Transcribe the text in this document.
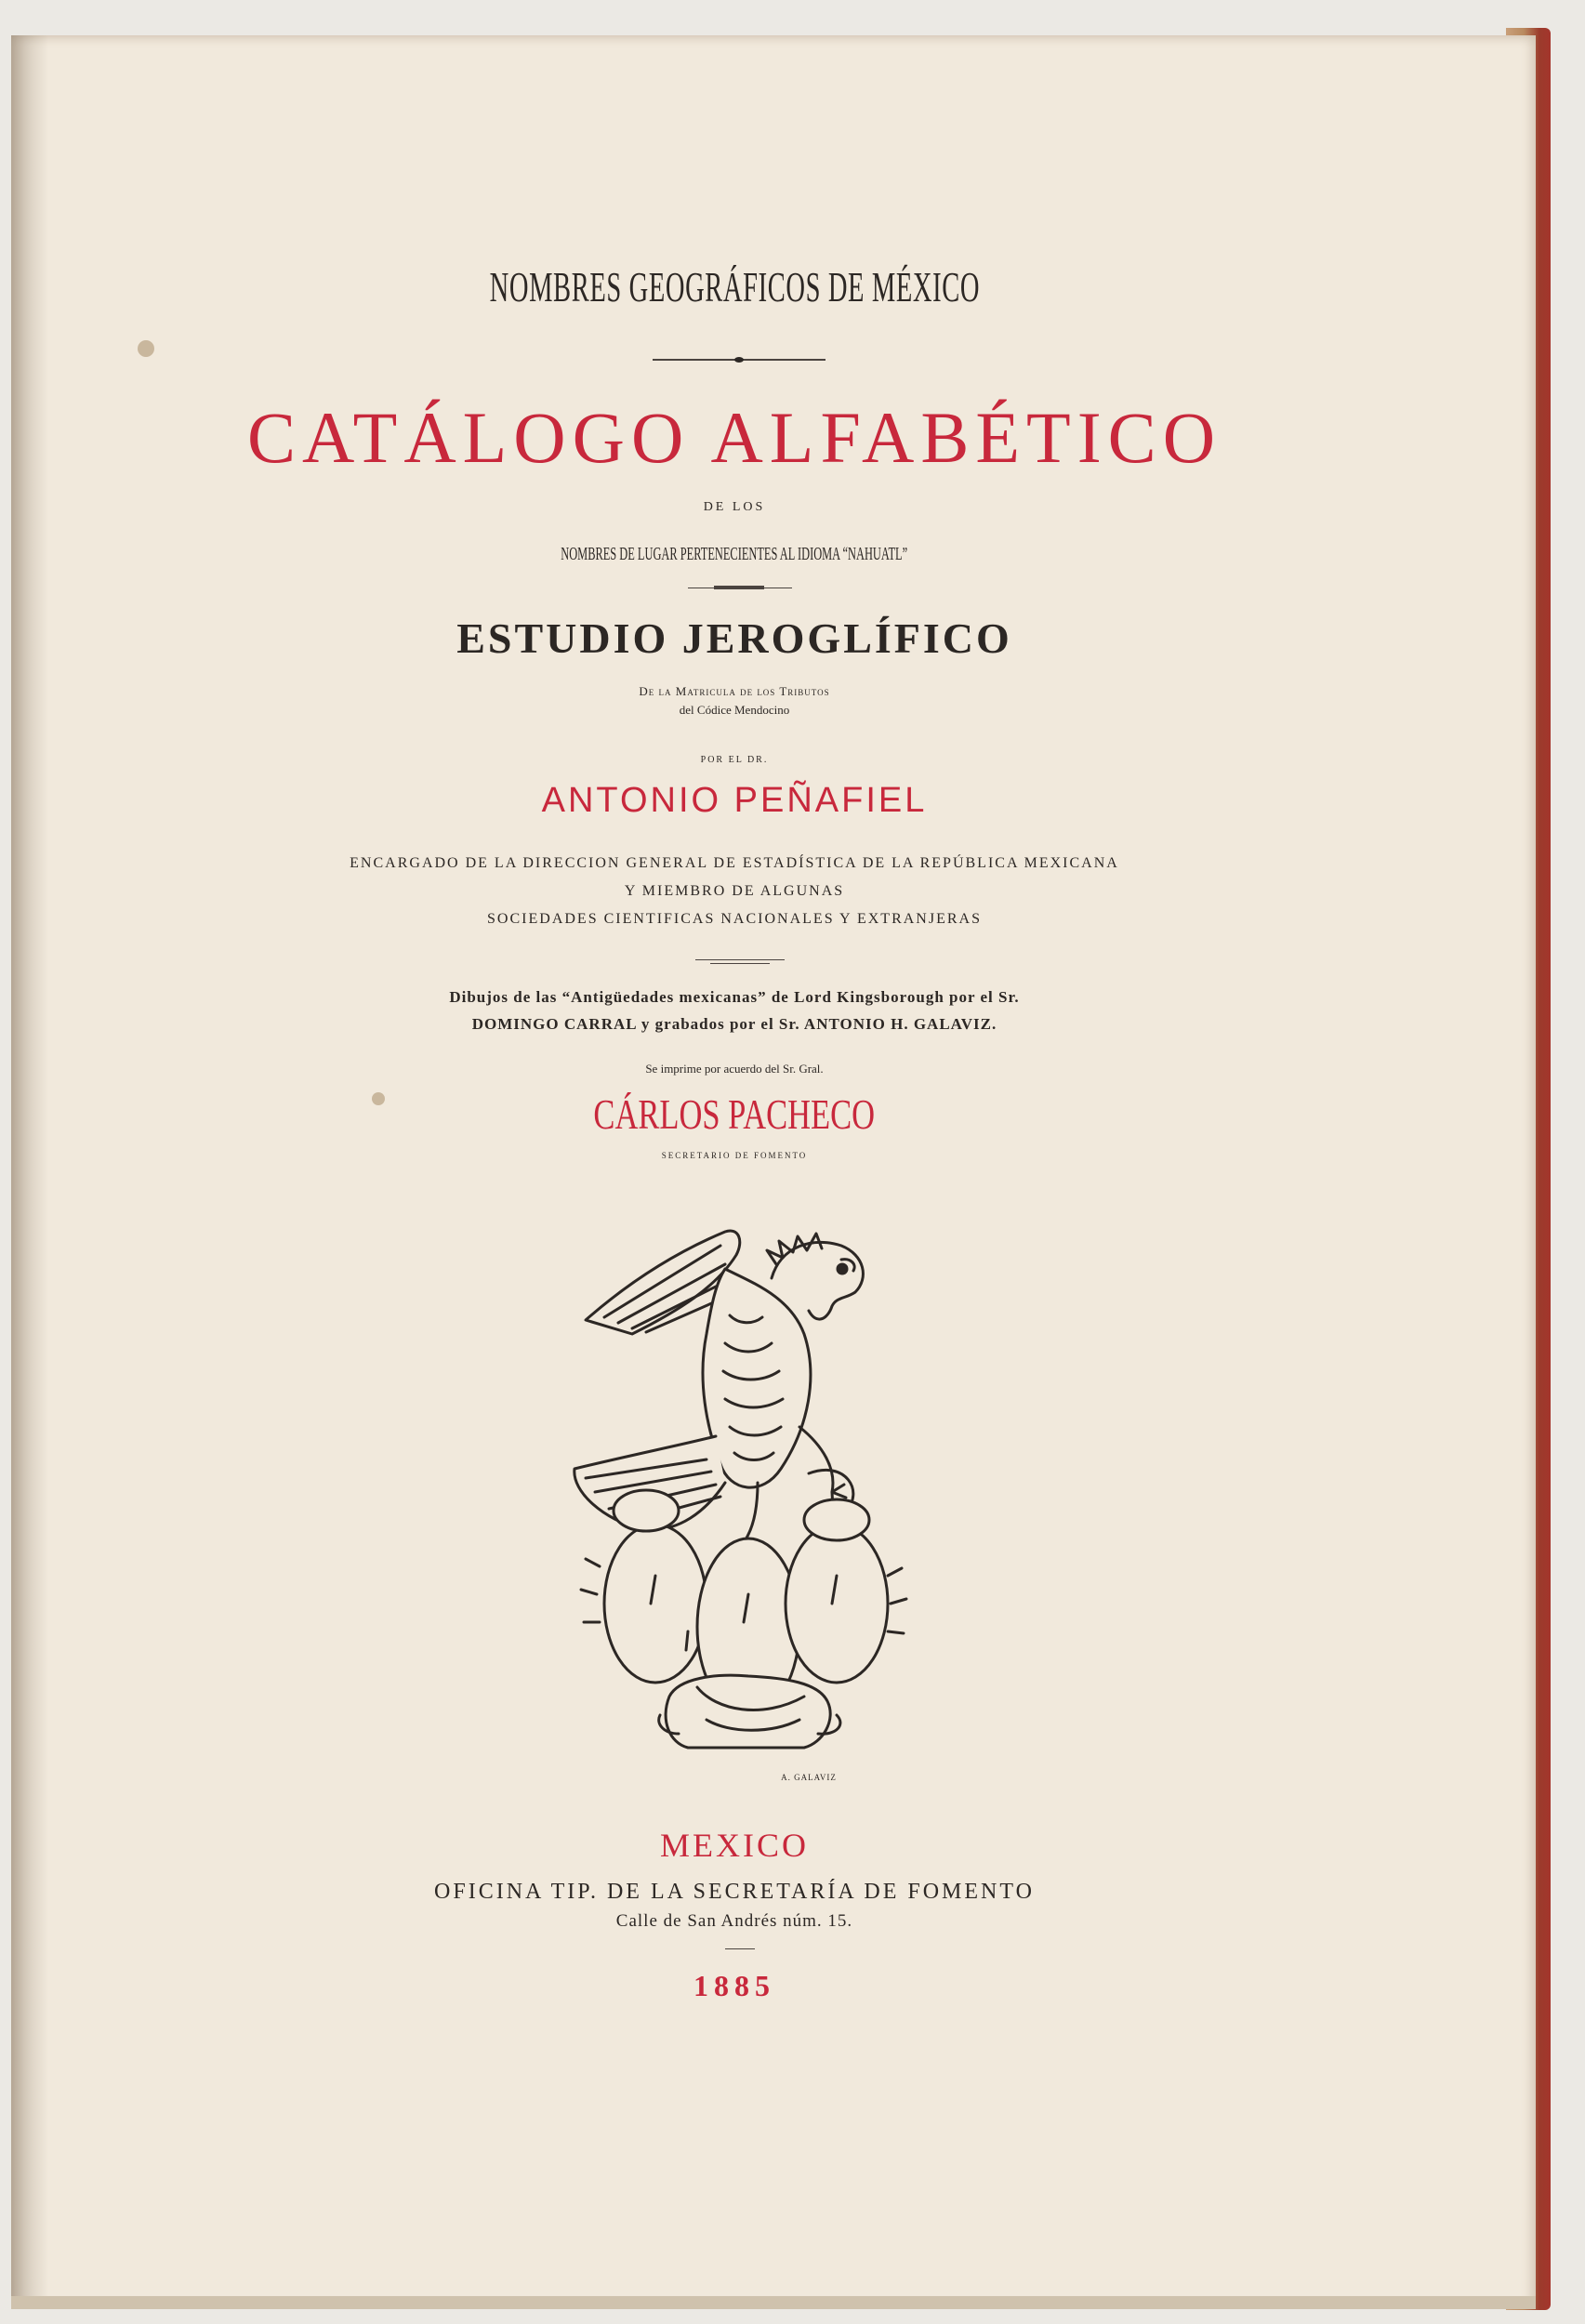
NOMBRES GEOGRÁFICOS DE MÉXICO
CATÁLOGO ALFABÉTICO
DE LOS
NOMBRES DE LUGAR PERTENECIENTES AL IDIOMA “NAHUATL”
ESTUDIO JEROGLÍFICO
De la Matricula de los Tributos
del Códice Mendocino
POR EL DR.
ANTONIO PEÑAFIEL
ENCARGADO DE LA DIRECCION GENERAL DE ESTADÍSTICA DE LA REPÚBLICA MEXICANA
Y MIEMBRO DE ALGUNAS
SOCIEDADES CIENTIFICAS NACIONALES Y EXTRANJERAS
Dibujos de las “Antigüedades mexicanas” de Lord Kingsborough por el Sr.
DOMINGO CARRAL y grabados por el Sr. ANTONIO H. GALAVIZ.
Se imprime por acuerdo del Sr. Gral.
CÁRLOS PACHECO
SECRETARIO DE FOMENTO
A. GALAVIZ
MEXICO
OFICINA TIP. DE LA SECRETARÍA DE FOMENTO
Calle de San Andrés núm. 15.
1885
